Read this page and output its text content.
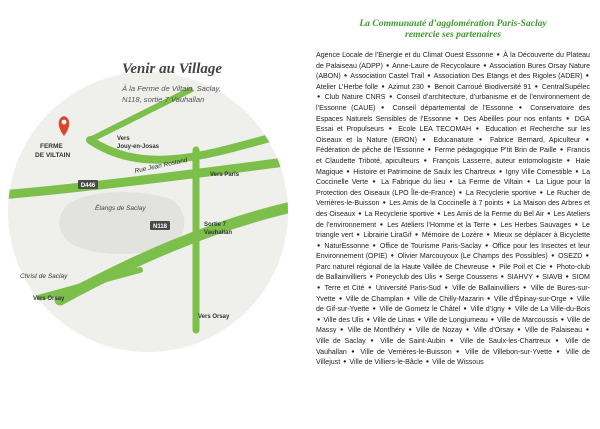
FERME
DE VILTAIN
Vers
Jouy-en-Josas
Rue Jean Rostand
Vers Paris
D446
Étangs de Saclay
N118	Sortie 7
Vauhallan
Christ de Saclay
Vers Orsay
Vers Orsay
Venir au Village

À la Ferme de Viltain, Saclay,
N118, sortie 7 Vauhallan

La Communauté d’agglomération Paris-Saclay
remercie ses partenaires

Agence Locale de l’Energie et du Climat Ouest Essonne ● À la Découverte du Plateau de Palaiseau (ADPP) ● Anne-Laure de Recycolaure ● Association Bures Orsay Nature (ABON) ● Association Castel Trail ● Association Des Etangs et des Rigoles (ADER) ● Atelier L’Herbe folle ● Azimut 230 ● Benoit Carroué Biodiversité 91 ● CentralSupélec ● Club Nature CNRS ● Conseil d’architecture, d’urbanisme et de l’environnement de l’Essonne (CAUE) ● Conseil départemental de l’Essonne ● Conservatoire des Espaces Naturels Sensibles de l’Essonne ● Des Abeilles pour nos enfants ● DGA Essai et Propulseurs ● Ecole LEA TECOMAH ● Education et Recherche sur les Oiseaux et la Nature (ERON) ● Educanature ● Fabrice Bernard, Apiculteur ● Fédération de pêche de l’Essonne ● Ferme pédagogique P’tit Brin de Paille ● Francis et Claudette Triboté, apiculteurs ● François Lasserre, auteur entomologiste ● Haie Magique ● Histoire et Patrimoine de Saulx les Chartreux ● Igny Ville Comestible ● La Coccinelle Verte ● La Fabrique du lieu ● La Ferme de Viltain ● La Ligue pour la Protection des Oiseaux (LPO Île-de-France) ● La Recyclerie sportive ● Le Rucher de Verrières-le-Buisson ● Les Amis de la Coccinelle à 7 points ● La Maison des Arbres et des Oiseaux ● La Recyclerie sportive ● Les Amis de la Ferme du Bel Air ● Les Ateliers de l’environnement ● Les Ateliers l’Homme et la Terre ● Les Herbes Sauvages ● Le triangle vert ● Librairie LiraGif ● Mémoire de Lozère ● Mieux se déplacer à Bicyclette ● NaturEssonne ● Office de Tourisme Paris-Saclay ● Office pour les Insectes et leur Environnement (OPIE) ● Olivier Marcouyoux (Le Champs des Possibles) ● OSEZD ● Parc naturel régional de la Haute Vallée de Chevreuse ● Pile Poil et Cie ● Photo-club de Ballainvilliers ● Poneyclub des Ulis ● Serge Coussens ● SIAHVY ● SIAVB ● SIOM ● Terre et Cité ● Université Paris-Sud ● Ville de Ballainvilliers ● Ville de Bures-sur-Yvette ● Ville de Champlan ● Ville de Chilly-Mazarin ● Ville d’Épinay-sur-Orge ● Ville de Gif-sur-Yvette ● Ville de Gometz le Châtel ● Ville d’Igny ● Ville de La Ville-du-Bois ● Ville des Ulis ● Ville de Linas ● Ville de Longjumeau ● Ville de Marcoussis ● Ville de Massy ● Ville de Montlhéry ● Ville de Nozay ● Ville d’Orsay ● Ville de Palaiseau ● Ville de Saclay ● Ville de Saint-Aubin ● Ville de Saulx-les-Chartreux ● Ville de Vauhallan ● Ville de Verrières-le-Buisson ● Ville de Villebon-sur-Yvette ● Ville de Villejust ● Ville de Villiers-le-Bâcle ● Ville de Wissous
